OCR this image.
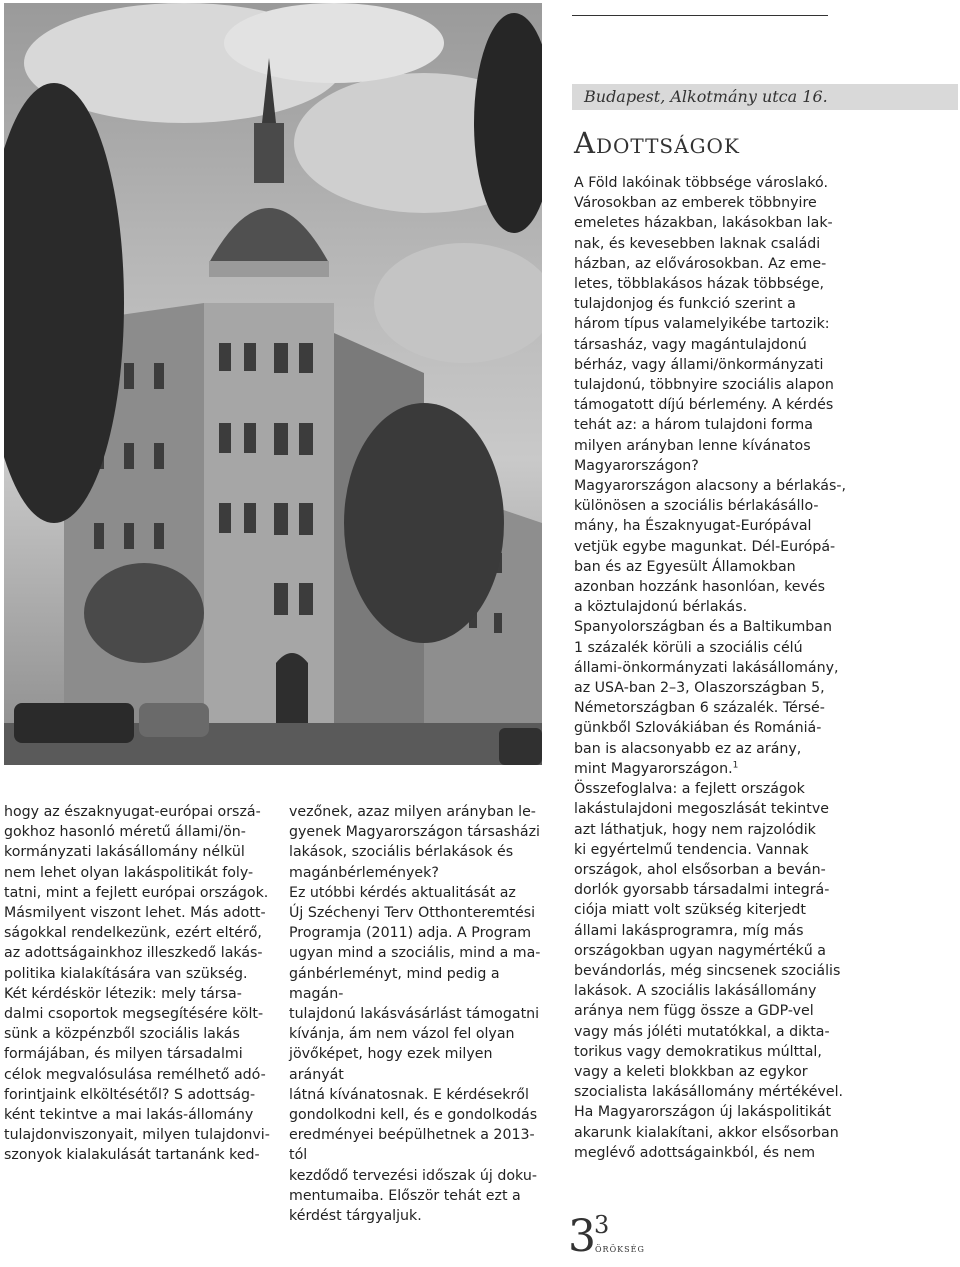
Budapest, Alkotmány utca 16.
Adottságok
A Föld lakóinak többsége városlakó.
Városokban az emberek többnyire
emeletes házakban, lakásokban lak-
nak, és kevesebben laknak családi
házban, az elővárosokban. Az eme-
letes, többlakásos házak többsége,
tulajdonjog és funkció szerint a
három típus valamelyikébe tartozik:
társasház, vagy magántulajdonú
bérház, vagy állami/önkormányzati
tulajdonú, többnyire szociális alapon
támogatott díjú bérlemény. A kérdés
tehát az: a három tulajdoni forma
milyen arányban lenne kívánatos
Magyarországon?
Magyarországon alacsony a bérlakás-,
különösen a szociális bérlakásállo-
mány, ha Északnyugat-Európával
vetjük egybe magunkat. Dél-Európá-
ban és az Egyesült Államokban
azonban hozzánk hasonlóan, kevés
a köztulajdonú bérlakás.
Spanyolországban és a Baltikumban
1 százalék körüli a szociális célú
állami-önkormányzati lakásállomány,
az USA-ban 2–3, Olaszországban 5,
Németországban 6 százalék. Térsé-
günkből Szlovákiában és Romániá-
ban is alacsonyabb ez az arány,
mint Magyarországon.$^1$
Összefoglalva: a fejlett országok
lakástulajdoni megoszlását tekintve
azt láthatjuk, hogy nem rajzolódik
ki egyértelmű tendencia. Vannak
országok, ahol elsősorban a beván-
dorlók gyorsabb társadalmi integrá-
ciója miatt volt szükség kiterjedt
állami lakásprogramra, míg más
országokban ugyan nagymértékű a
bevándorlás, még sincsenek szociális
lakások. A szociális lakásállomány
aránya nem függ össze a GDP-vel
vagy más jóléti mutatókkal, a dikta-
torikus vagy demokratikus múlttal,
vagy a keleti blokkban az egykor
szocialista lakásállomány mértékével.
Ha Magyarországon új lakáspolitikát
akarunk kialakítani, akkor elsősorban
meglévő adottságainkból, és nem
hogy az északnyugat-európai orszá-
gokhoz hasonló méretű állami/ön-
kormányzati lakásállomány nélkül
nem lehet olyan lakáspolitikát foly-
tatni, mint a fejlett európai országok.
Másmilyent viszont lehet. Más adott-
ságokkal rendelkezünk, ezért eltérő,
az adottságainkhoz illeszkedő lakás-
politika kialakítására van szükség.
Két kérdéskör létezik: mely társa-
dalmi csoportok megsegítésére költ-
sünk a közpénzből szociális lakás
formájában, és milyen társadalmi
célok megvalósulása remélhető adó-
forintjaink elköltésétől? S adottság-
ként tekintve a mai lakás-állomány
tulajdonviszonyait, milyen tulajdonvi-
szonyok kialakulását tartanánk ked-
vezőnek, azaz milyen arányban le-
gyenek Magyarországon társasházi
lakások, szociális bérlakások és
magánbérlemények?
Ez utóbbi kérdés aktualitását az
Új Széchenyi Terv Otthonteremtési
Programja (2011) adja. A Program
ugyan mind a szociális, mind a ma-
gánbérleményt, mind pedig a magán-
tulajdonú lakásvásárlást támogatni
kívánja, ám nem vázol fel olyan
jövőképet, hogy ezek milyen arányát
látná kívánatosnak. E kérdésekről
gondolkodni kell, és e gondolkodás
eredményei beépülhetnek a 2013-tól
kezdődő tervezési időszak új doku-
mentumaiba. Először tehát ezt a
kérdést tárgyaljuk.	3
3
ÖRÖKSÉG
